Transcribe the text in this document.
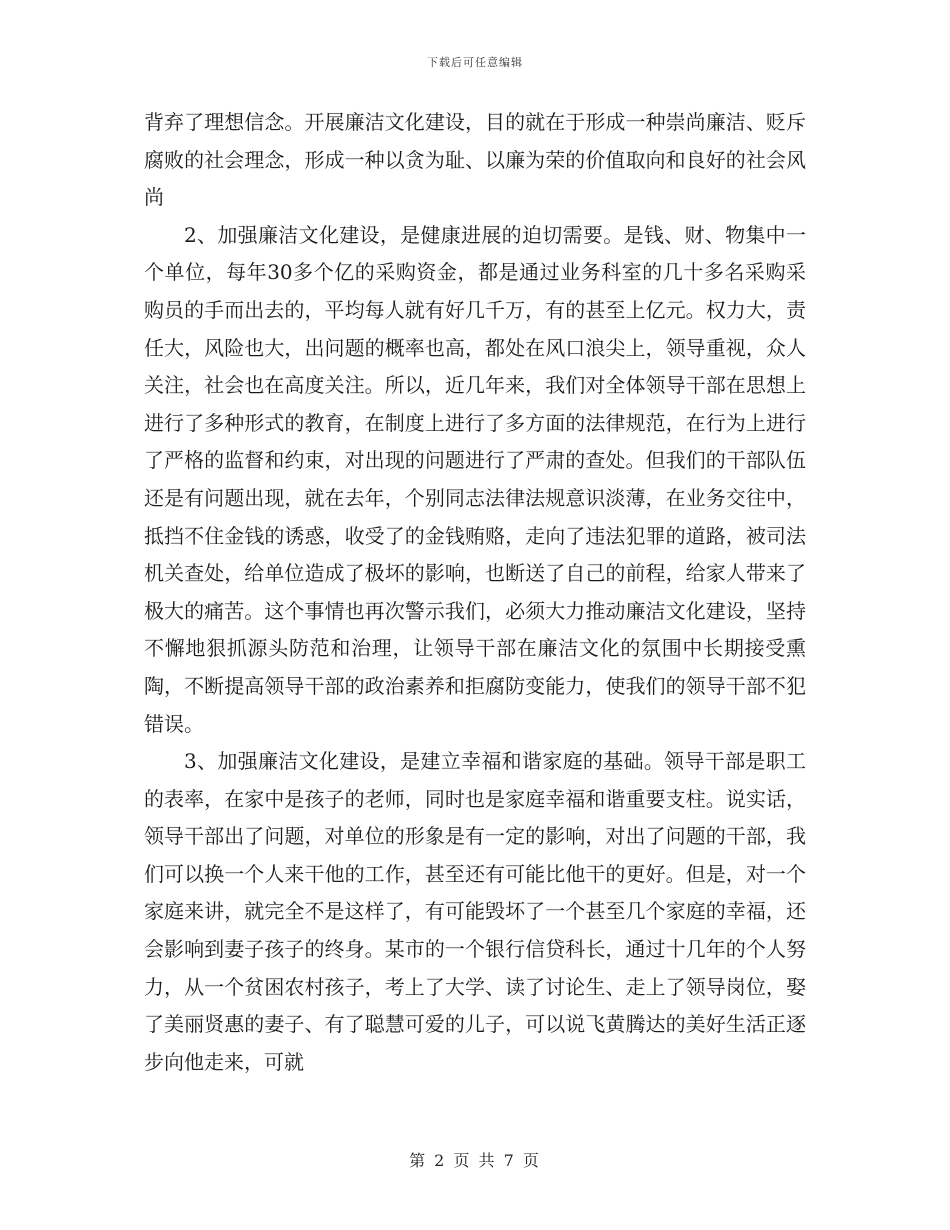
下载后可任意编辑

背弃了理想信念。开展廉洁文化建设，目的就在于形成一种崇尚廉洁、贬斥腐败的社会理念，形成一种以贪为耻、以廉为荣的价值取向和良好的社会风尚

2、加强廉洁文化建设，是健康进展的迫切需要。是钱、财、物集中一个单位，每年30多个亿的采购资金，都是通过业务科室的几十多名采购采购员的手而出去的，平均每人就有好几千万，有的甚至上亿元。权力大，责任大，风险也大，出问题的概率也高，都处在风口浪尖上，领导重视，众人关注，社会也在高度关注。所以，近几年来，我们对全体领导干部在思想上进行了多种形式的教育，在制度上进行了多方面的法律规范，在行为上进行了严格的监督和约束，对出现的问题进行了严肃的查处。但我们的干部队伍还是有问题出现，就在去年，个别同志法律法规意识淡薄，在业务交往中，抵挡不住金钱的诱惑，收受了的金钱贿赂，走向了违法犯罪的道路，被司法机关查处，给单位造成了极坏的影响，也断送了自己的前程，给家人带来了极大的痛苦。这个事情也再次警示我们，必须大力推动廉洁文化建设，坚持不懈地狠抓源头防范和治理，让领导干部在廉洁文化的氛围中长期接受熏陶，不断提高领导干部的政治素养和拒腐防变能力，使我们的领导干部不犯错误。

3、加强廉洁文化建设，是建立幸福和谐家庭的基础。领导干部是职工的表率，在家中是孩子的老师，同时也是家庭幸福和谐重要支柱。说实话，领导干部出了问题，对单位的形象是有一定的影响，对出了问题的干部，我们可以换一个人来干他的工作，甚至还有可能比他干的更好。但是，对一个家庭来讲，就完全不是这样了，有可能毁坏了一个甚至几个家庭的幸福，还会影响到妻子孩子的终身。某市的一个银行信贷科长，通过十几年的个人努力，从一个贫困农村孩子，考上了大学、读了讨论生、走上了领导岗位，娶了美丽贤惠的妻子、有了聪慧可爱的儿子，可以说飞黄腾达的美好生活正逐步向他走来，可就

第 2 页 共 7 页
